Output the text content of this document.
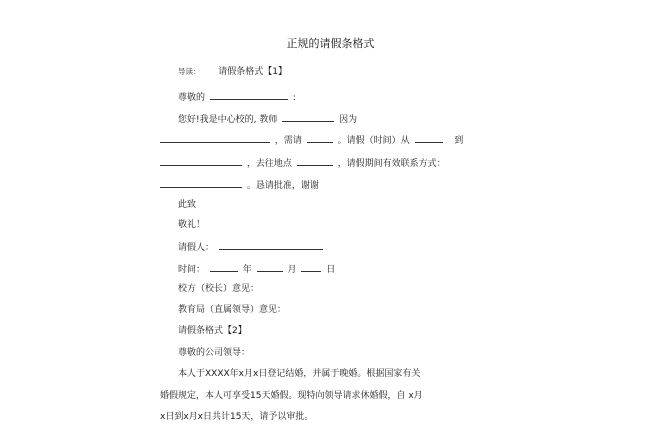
正规的请假条格式
导读： 请假条格式【1】
尊敬的	:
您好!我是中心校的, 教师	因为
，需请	。请假（时间）从	到
，去往地点	，请假期间有效联系方式：
。恳请批准，谢谢
此致
敬礼！
请假人：
时间：	年	月	日
校方（校长）意见：
教育局（直属领导）意见：
请假条格式【2】
尊敬的公司领导：
本人于XXXX年x月x日登记结婚，并属于晚婚。根据国家有关
婚假规定，本人可享受15天婚假。现特向领导请求休婚假，自 x月
x日到x月x日共计15天，请予以审批。
